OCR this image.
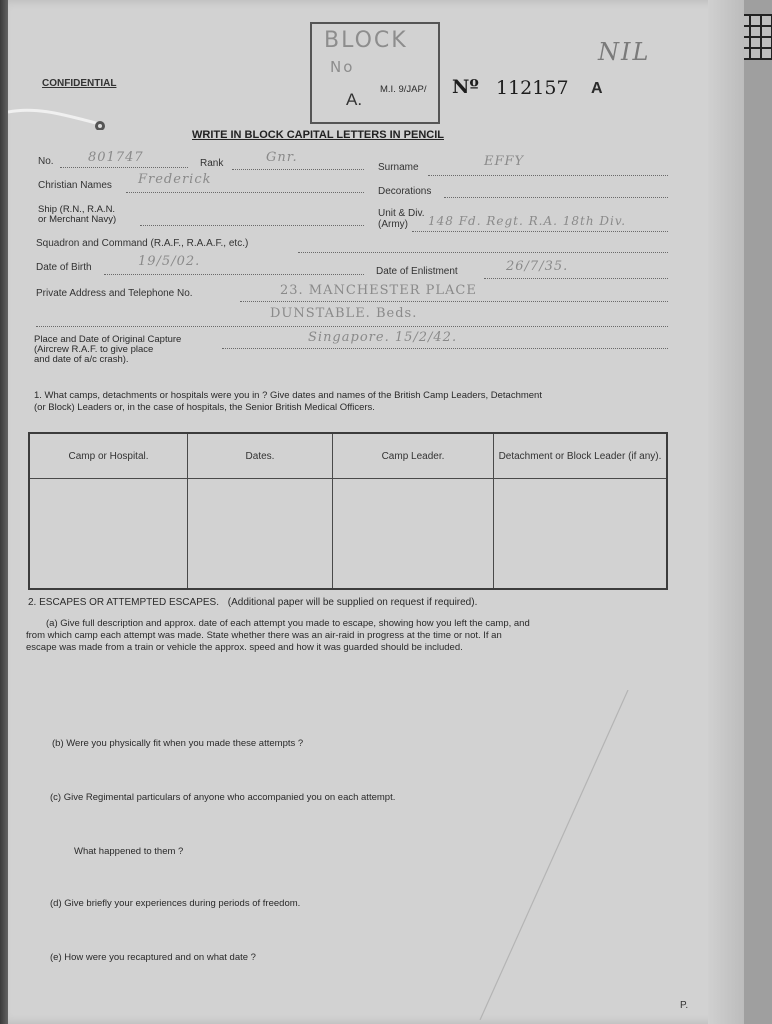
CONFIDENTIAL
BLOCK
No
A.
M.I. 9/JAP/ Nº 112157 A
NIL
WRITE IN BLOCK CAPITAL LETTERS IN PENCIL
No.	801747	Rank	Gnr.
Surname	EFFY
Christian Names Frederick
Decorations
Ship (R.N., R.A.N.
or Merchant Navy)
Unit & Div.
(Army) 148 Fd. Regt. R.A. 18th Div.
Squadron and Command (R.A.F., R.A.A.F., etc.)
Date of Birth	19/5/02.
Date of Enlistment	26/7/35.
Private Address and Telephone No.	23. MANCHESTER PLACE
DUNSTABLE. Beds.
Place and Date of Original Capture
(Aircrew R.A.F. to give place
and date of a/c crash).
Singapore. 15/2/42.
1. What camps, detachments or hospitals were you in ? Give dates and names of the British Camp Leaders, Detachment
(or Block) Leaders or, in the case of hospitals, the Senior British Medical Officers.
Camp or Hospital.	Dates.	Camp Leader.	Detachment or Block Leader (if any).

2. ESCAPES OR ATTEMPTED ESCAPES. (Additional paper will be supplied on request if required).
(a) Give full description and approx. date of each attempt you made to escape, showing how you left the camp, and
from which camp each attempt was made. State whether there was an air-raid in progress at the time or not. If an
escape was made from a train or vehicle the approx. speed and how it was guarded should be included.
(b) Were you physically fit when you made these attempts ?
(c) Give Regimental particulars of anyone who accompanied you on each attempt.
What happened to them ?
(d) Give briefly your experiences during periods of freedom.
(e) How were you recaptured and on what date ?
P.
